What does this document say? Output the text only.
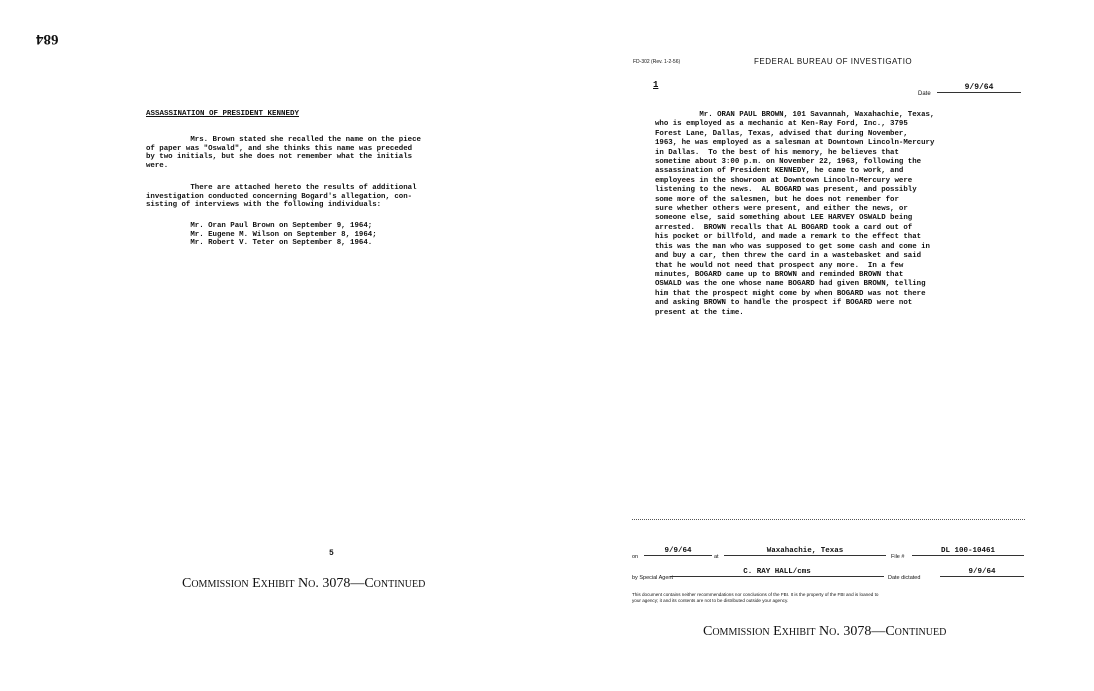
684
ASSASSINATION OF PRESIDENT KENNEDY
Mrs. Brown stated she recalled the name on the piece
of paper was "Oswald", and she thinks this name was preceded
by two initials, but she does not remember what the initials
were.
There are attached hereto the results of additional
investigation conducted concerning Bogard's allegation, con-
sisting of interviews with the following individuals:
Mr. Oran Paul Brown on September 9, 1964;
Mr. Eugene M. Wilson on September 8, 1964;
Mr. Robert V. Teter on September 8, 1964.
5
Commission Exhibit No. 3078—Continued
FD-302 (Rev. 1-2-56)	FEDERAL BUREAU OF INVESTIGATIO
1
Date
9/9/64
Mr. ORAN PAUL BROWN, 101 Savannah, Waxahachie, Texas,
who is employed as a mechanic at Ken-Ray Ford, Inc., 3795
Forest Lane, Dallas, Texas, advised that during November,
1963, he was employed as a salesman at Downtown Lincoln-Mercury
in Dallas.  To the best of his memory, he believes that
sometime about 3:00 p.m. on November 22, 1963, following the
assassination of President KENNEDY, he came to work, and
employees in the showroom at Downtown Lincoln-Mercury were
listening to the news.  AL BOGARD was present, and possibly
some more of the salesmen, but he does not remember for
sure whether others were present, and either the news, or
someone else, said something about LEE HARVEY OSWALD being
arrested.  BROWN recalls that AL BOGARD took a card out of
his pocket or billfold, and made a remark to the effect that
this was the man who was supposed to get some cash and come in
and buy a car, then threw the card in a wastebasket and said
that he would not need that prospect any more.  In a few
minutes, BOGARD came up to BROWN and reminded BROWN that
OSWALD was the one whose name BOGARD had given BROWN, telling
him that the prospect might come by when BOGARD was not there
and asking BROWN to handle the prospect if BOGARD were not
present at the time.
on
9/9/64
at
Waxahachie, Texas
File #
DL 100-10461
by Special Agent
C. RAY HALL/cms
Date dictated
9/9/64
This document contains neither recommendations nor conclusions of the FBI. It is the property of the FBI and is loaned to
your agency; it and its contents are not to be distributed outside your agency.
Commission Exhibit No. 3078—Continued
